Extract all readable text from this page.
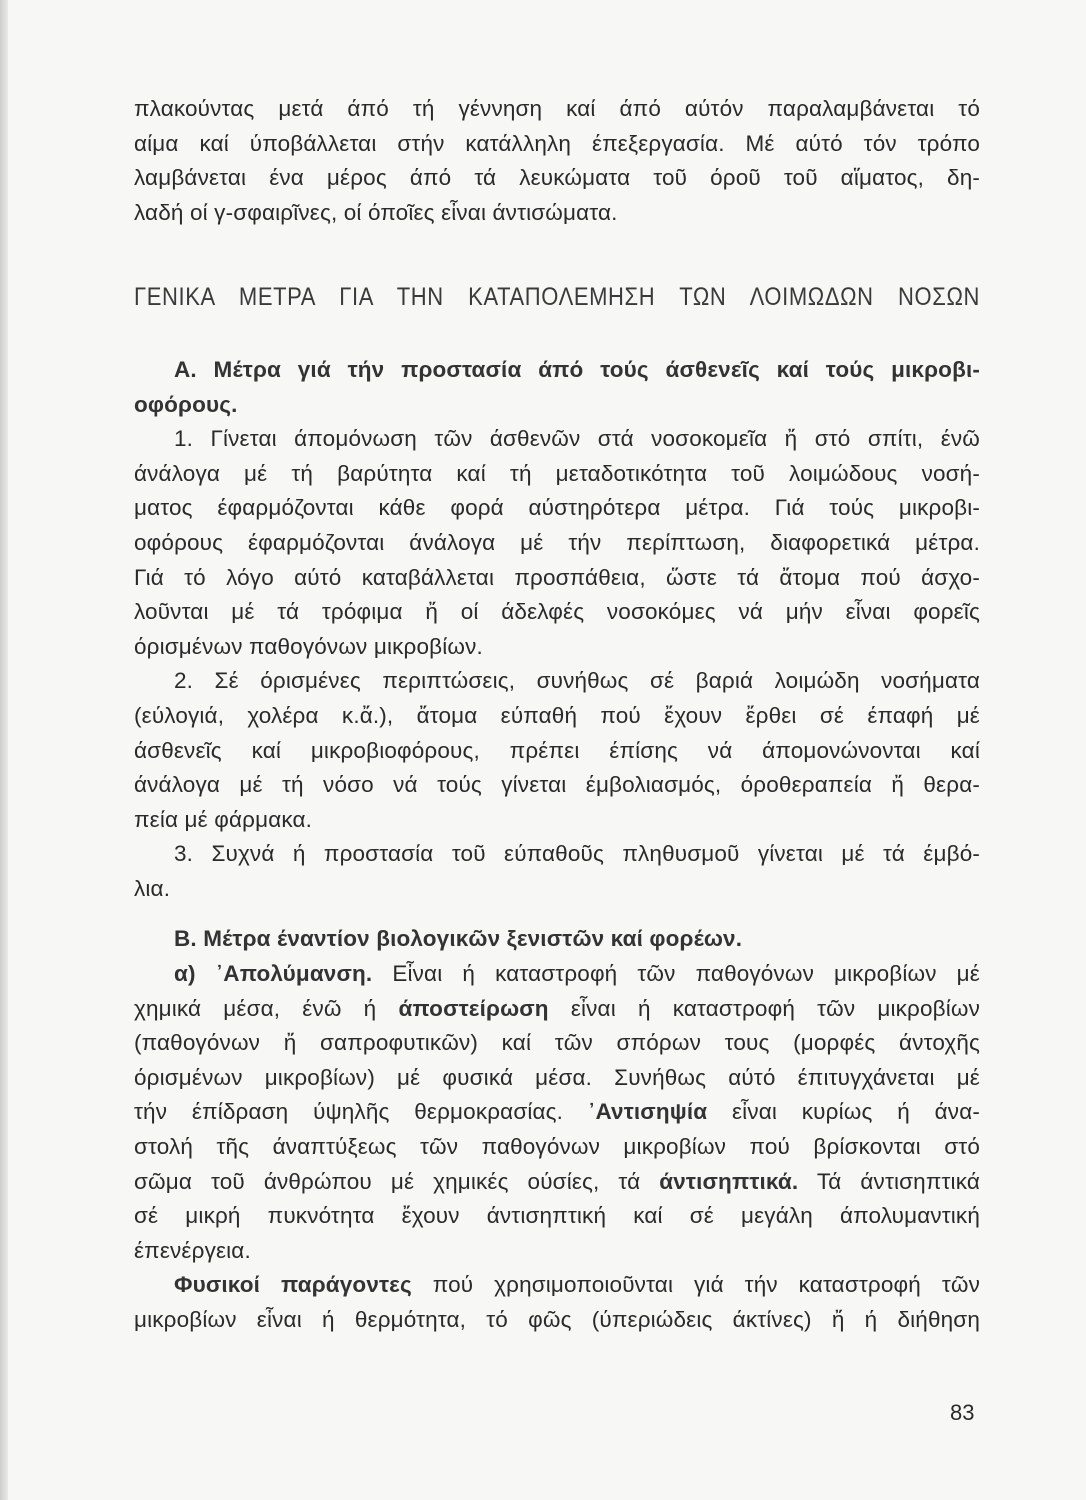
πλακούντας μετά άπό τή γέννηση καί άπό αύτόν παραλαμβάνεται τό
αίμα καί ύποβάλλεται στήν κατάλληλη έπεξεργασία. Μέ αύτό τόν τρόπο
λαμβάνεται ένα μέρος άπό τά λευκώματα τοῦ όροῦ τοῦ αἵματος, δη-
λαδή οί γ-σφαιρῖνες, οί όποῖες εἶναι άντισώματα.
ΓΕΝΙΚΑ ΜΕΤΡΑ ΓΙΑ ΤΗΝ ΚΑΤΑΠΟΛΕΜΗΣΗ ΤΩΝ ΛΟΙΜΩΔΩΝ ΝΟΣΩΝ
Α. Μέτρα γιά τήν προστασία άπό τούς άσθενεῖς καί τούς μικροβι-
οφόρους.
1. Γίνεται άπομόνωση τῶν άσθενῶν στά νοσοκομεῖα ἤ στό σπίτι, ένῶ
άνάλογα μέ τή βαρύτητα καί τή μεταδοτικότητα τοῦ λοιμώδους νοσή-
ματος έφαρμόζονται κάθε φορά αύστηρότερα μέτρα. Γιά τούς μικροβι-
οφόρους έφαρμόζονται άνάλογα μέ τήν περίπτωση, διαφορετικά μέτρα.
Γιά τό λόγο αύτό καταβάλλεται προσπάθεια, ὥστε τά ἄτομα πού άσχο-
λοῦνται μέ τά τρόφιμα ἤ οί άδελφές νοσοκόμες νά μήν εἶναι φορεῖς
όρισμένων παθογόνων μικροβίων.
2. Σέ όρισμένες περιπτώσεις, συνήθως σέ βαριά λοιμώδη νοσήματα
(εύλογιά, χολέρα κ.ἄ.), ἄτομα εύπαθή πού ἔχουν ἔρθει σέ έπαφή μέ
άσθενεῖς καί μικροβιοφόρους, πρέπει έπίσης νά άπομονώνονται καί
άνάλογα μέ τή νόσο νά τούς γίνεται έμβολιασμός, όροθεραπεία ἤ θερα-
πεία μέ φάρμακα.
3. Συχνά ή προστασία τοῦ εύπαθοῦς πληθυσμοῦ γίνεται μέ τά έμβό-
λια.
Β. Μέτρα έναντίον βιολογικῶν ξενιστῶν καί φορέων.
α) ᾿Απολύμανση. Εἶναι ή καταστροφή τῶν παθογόνων μικροβίων μέ
χημικά μέσα, ένῶ ή άποστείρωση εἶναι ή καταστροφή τῶν μικροβίων
(παθογόνων ἤ σαπροφυτικῶν) καί τῶν σπόρων τους (μορφές άντοχῆς
όρισμένων μικροβίων) μέ φυσικά μέσα. Συνήθως αύτό έπιτυγχάνεται μέ
τήν έπίδραση ύψηλῆς θερμοκρασίας. ᾿Αντισηψία εἶναι κυρίως ή άνα-
στολή τῆς άναπτύξεως τῶν παθογόνων μικροβίων πού βρίσκονται στό
σῶμα τοῦ άνθρώπου μέ χημικές ούσίες, τά άντισηπτικά. Τά άντισηπτικά
σέ μικρή πυκνότητα ἔχουν άντισηπτική καί σέ μεγάλη άπολυμαντική
έπενέργεια.
Φυσικοί παράγοντες πού χρησιμοποιοῦνται γιά τήν καταστροφή τῶν
μικροβίων εἶναι ή θερμότητα, τό φῶς (ύπεριώδεις άκτίνες) ἤ ή διήθηση
83
